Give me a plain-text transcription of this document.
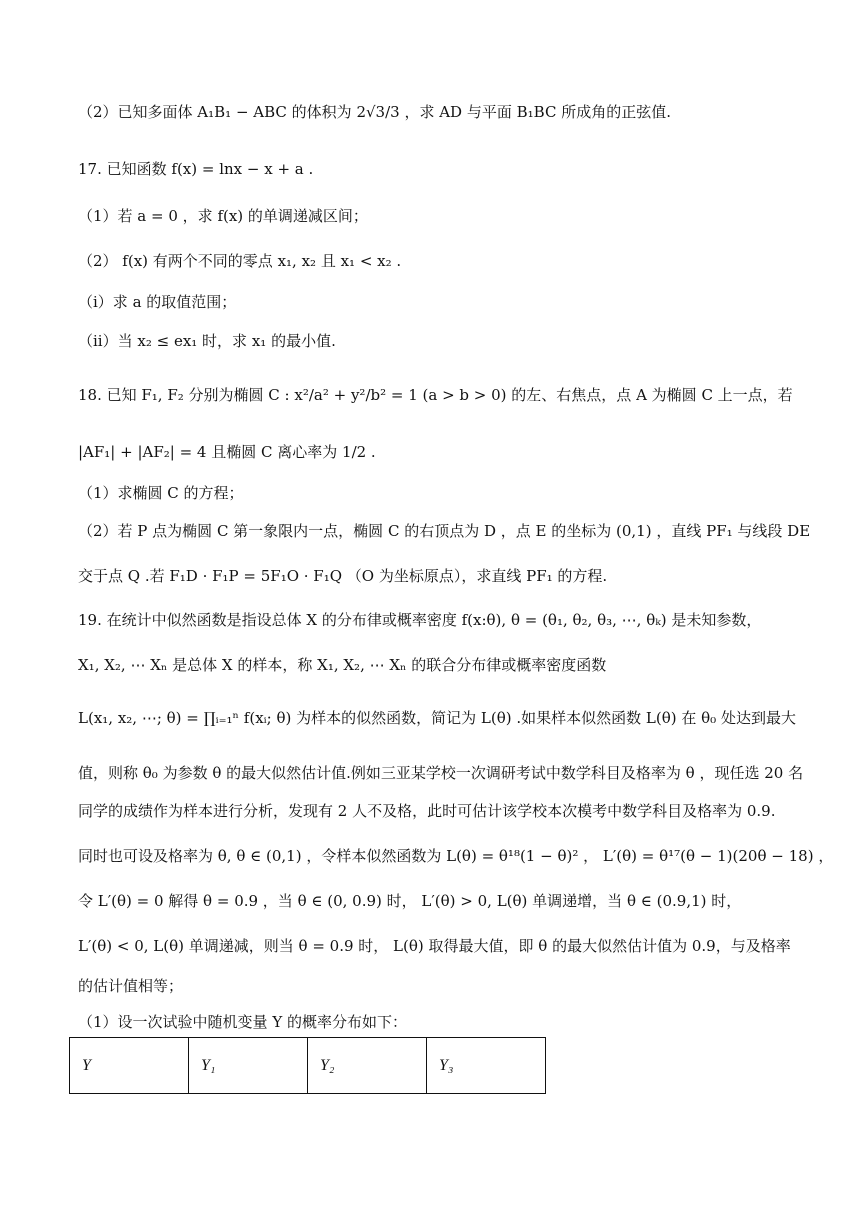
（2）已知多面体 A₁B₁ − ABC 的体积为 2√3/3 ，求 AD 与平面 B₁BC 所成角的正弦值.
17. 已知函数 f(x) = lnx − x + a .
（1）若 a = 0 ，求 f(x) 的单调递减区间；
（2） f(x) 有两个不同的零点 x₁, x₂ 且 x₁ < x₂ .
（i）求 a 的取值范围；
（ii）当 x₂ ≤ ex₁ 时，求 x₁ 的最小值.
18. 已知 F₁, F₂ 分别为椭圆 C : x²/a² + y²/b² = 1 (a > b > 0) 的左、右焦点，点 A 为椭圆 C 上一点，若
|AF₁| + |AF₂| = 4 且椭圆 C 离心率为 1/2 .
（1）求椭圆 C 的方程；
（2）若 P 点为椭圆 C 第一象限内一点，椭圆 C 的右顶点为 D ，点 E 的坐标为 (0,1) ，直线 PF₁ 与线段 DE
交于点 Q .若 F₁D · F₁P = 5F₁O · F₁Q （O 为坐标原点），求直线 PF₁ 的方程.
19. 在统计中似然函数是指设总体 X 的分布律或概率密度 f(x:θ), θ = (θ₁, θ₂, θ₃, ⋯, θₖ) 是未知参数，
X₁, X₂, ⋯ Xₙ 是总体 X 的样本，称 X₁, X₂, ⋯ Xₙ 的联合分布律或概率密度函数
L(x₁, x₂, ⋯; θ) = ∏ᵢ₌₁ⁿ f(xᵢ; θ) 为样本的似然函数，简记为 L(θ) .如果样本似然函数 L(θ) 在 θ₀ 处达到最大
值，则称 θ₀ 为参数 θ 的最大似然估计值.例如三亚某学校一次调研考试中数学科目及格率为 θ ，现任选 20 名
同学的成绩作为样本进行分析，发现有 2 人不及格，此时可估计该学校本次模考中数学科目及格率为 0.9.
同时也可设及格率为 θ, θ ∈ (0,1) ，令样本似然函数为 L(θ) = θ¹⁸(1 − θ)² ， L′(θ) = θ¹⁷(θ − 1)(20θ − 18) ，
令 L′(θ) = 0 解得 θ = 0.9 ，当 θ ∈ (0, 0.9) 时， L′(θ) > 0, L(θ) 单调递增，当 θ ∈ (0.9,1) 时，
L′(θ) < 0, L(θ) 单调递减，则当 θ = 0.9 时， L(θ) 取得最大值，即 θ 的最大似然估计值为 0.9，与及格率
的估计值相等；
（1）设一次试验中随机变量 Y 的概率分布如下：
Y	Y₁	Y₂	Y₃
